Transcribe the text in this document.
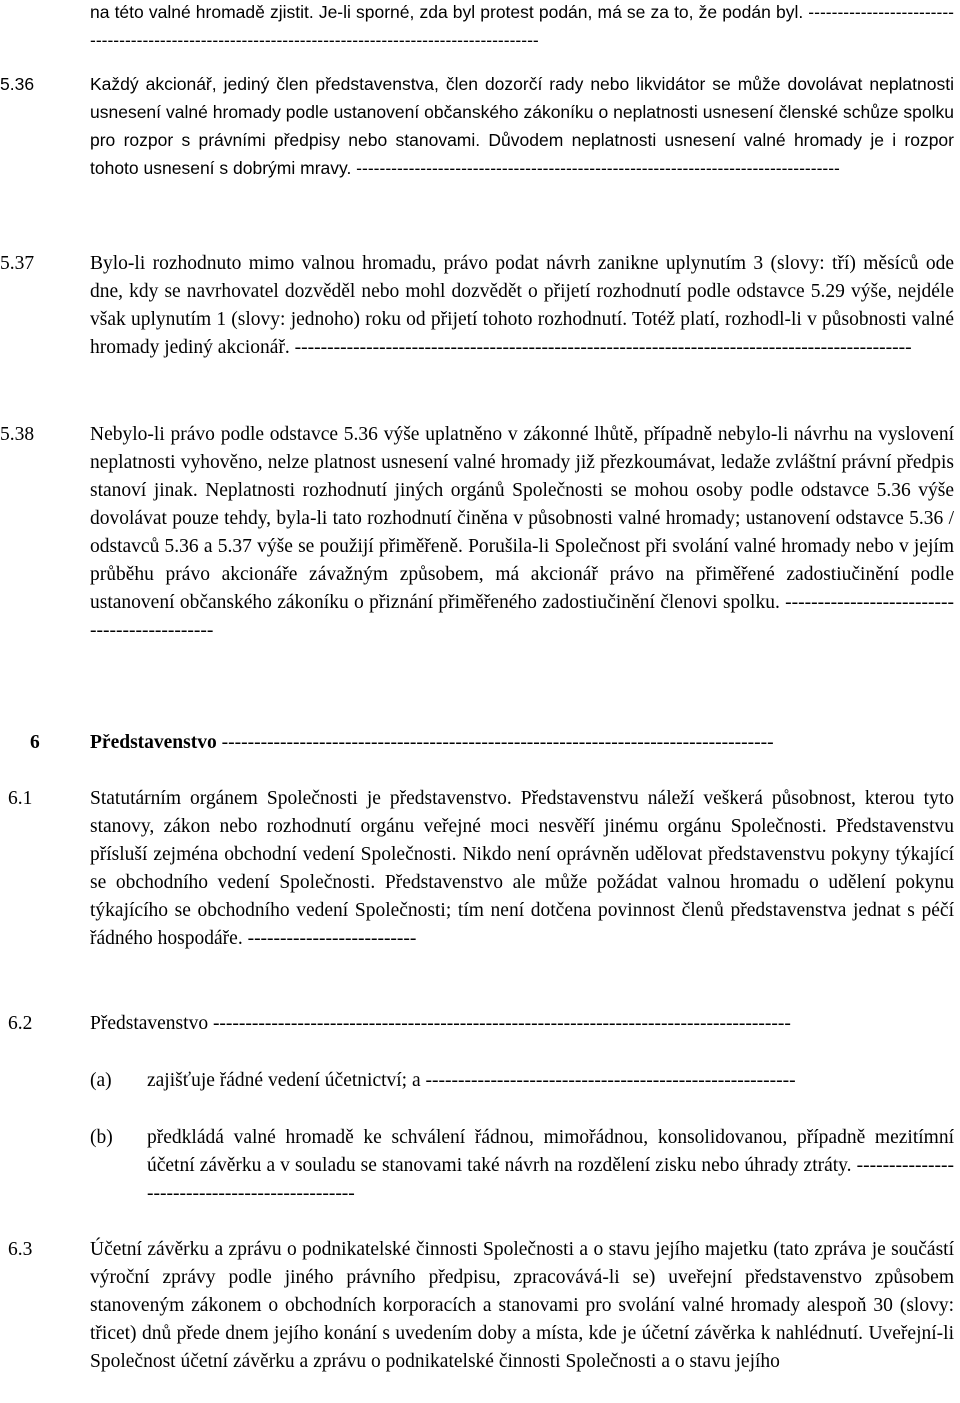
na této valné hromadě zjistit. Je-li sporné, zda byl protest podán, má se za to, že podán byl. ------------------------------------------------------------------------------------------------------

5.36	Každý akcionář, jediný člen představenstva, člen dozorčí rady nebo likvidátor se může dovolávat neplatnosti usnesení valné hromady podle ustanovení občanského zákoníku o neplatnosti usnesení členské schůze spolku pro rozpor s právními předpisy nebo stanovami. Důvodem neplatnosti usnesení valné hromady je i rozpor tohoto usnesení s dobrými mravy. -----------------------------------------------------------------------------------

5.37	Bylo-li rozhodnuto mimo valnou hromadu, právo podat návrh zanikne uplynutím 3 (slovy: tří) měsíců ode dne, kdy se navrhovatel dozvěděl nebo mohl dozvědět o přijetí rozhodnutí podle odstavce 5.29 výše, nejdéle však uplynutím 1 (slovy: jednoho) roku od přijetí tohoto rozhodnutí. Totéž platí, rozhodl-li v působnosti valné hromady jediný akcionář. -----------------------------------------------------------------------------------------------

5.38	Nebylo-li právo podle odstavce 5.36 výše uplatněno v zákonné lhůtě, případně nebylo-li návrhu na vyslovení neplatnosti vyhověno, nelze platnost usnesení valné hromady již přezkoumávat, ledaže zvláštní právní předpis stanoví jinak. Neplatnosti rozhodnutí jiných orgánů Společnosti se mohou osoby podle odstavce 5.36 výše dovolávat pouze tehdy, byla-li tato rozhodnutí činěna v působnosti valné hromady; ustanovení odstavce 5.36 / odstavců 5.36 a 5.37 výše se použijí přiměřeně. Porušila-li Společnost při svolání valné hromady nebo v jejím průběhu právo akcionáře závažným způsobem, má akcionář právo na přiměřené zadostiučinění podle ustanovení občanského zákoníku o přiznání přiměřeného zadostiučinění členovi spolku. ---------------------------------------------

6	Představenstvo -------------------------------------------------------------------------------------
6.1	Statutárním orgánem Společnosti je představenstvo. Představenstvu náleží veškerá působnost, kterou tyto stanovy, zákon nebo rozhodnutí orgánu veřejné moci nesvěří jinému orgánu Společnosti. Představenstvu přísluší zejména obchodní vedení Společnosti. Nikdo není oprávněn udělovat představenstvu pokyny týkající se obchodního vedení Společnosti. Představenstvo ale může požádat valnou hromadu o udělení pokynu týkajícího se obchodního vedení Společnosti; tím není dotčena povinnost členů představenstva jednat s péčí řádného hospodáře. --------------------------

6.2	Představenstvo -----------------------------------------------------------------------------------------

(a) zajišťuje řádné vedení účetnictví; a ---------------------------------------------------------

(b) předkládá valné hromadě ke schválení řádnou, mimořádnou, konsolidovanou, případně mezitímní účetní závěrku a v souladu se stanovami také návrh na rozdělení zisku nebo úhrady ztráty. -----------------------------------------------

6.3	Účetní závěrku a zprávu o podnikatelské činnosti Společnosti a o stavu jejího majetku (tato zpráva je součástí výroční zprávy podle jiného právního předpisu, zpracovává-li se) uveřejní představenstvo způsobem stanoveným zákonem o obchodních korporacích a stanovami pro svolání valné hromady alespoň 30 (slovy: třicet) dnů přede dnem jejího konání s uvedením doby a místa, kde je účetní závěrka k nahlédnutí. Uveřejní-li Společnost účetní závěrku a zprávu o podnikatelské činnosti Společnosti a o stavu jejího
